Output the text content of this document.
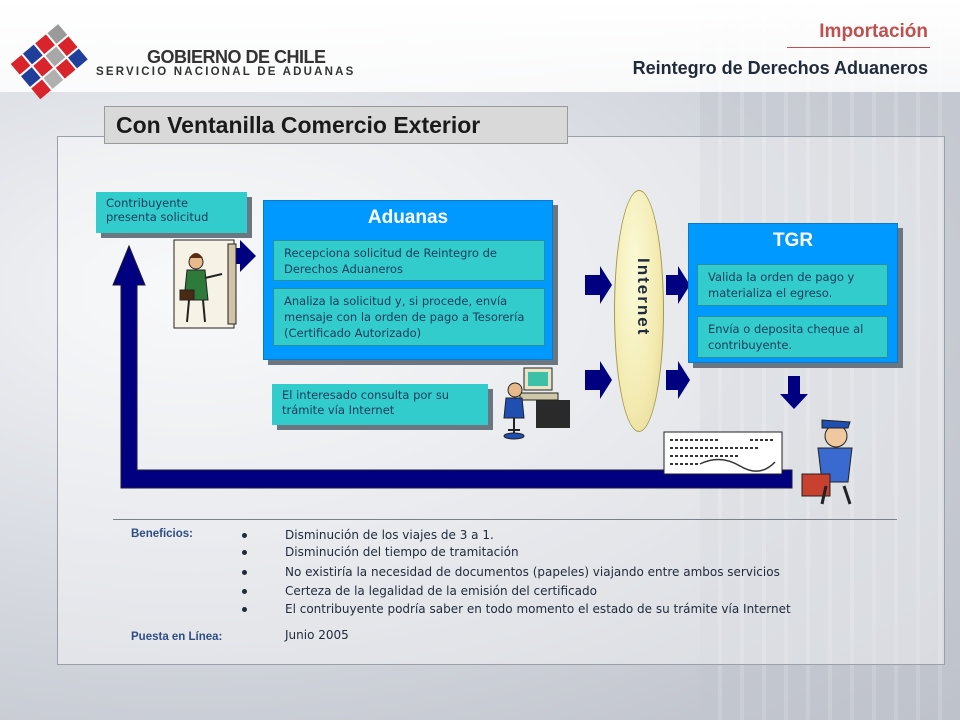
GOBIERNO DE CHILE
SERVICIO NACIONAL DE ADUANAS
Importación
Reintegro de Derechos Aduaneros
Con Ventanilla Comercio Exterior
Contribuyente presenta solicitud	Aduanas
Recepciona solicitud de Reintegro de Derechos Aduaneros
Analiza la solicitud y, si procede, envía mensaje con la orden de pago a Tesorería (Certificado Autorizado)
El interesado consulta por su trámite vía Internet
Internet
TGR
Valida la orden de pago y materializa el egreso.
Envía o deposita cheque al contribuyente.
Beneficios:	Disminución de los viajes de 3 a 1.
Disminución del tiempo de tramitación
No existiría la necesidad de documentos (papeles) viajando entre ambos servicios
Certeza de la legalidad de la emisión del certificado
El contribuyente podría saber en todo momento el estado de su trámite vía Internet
Puesta en Línea:	Junio 2005
